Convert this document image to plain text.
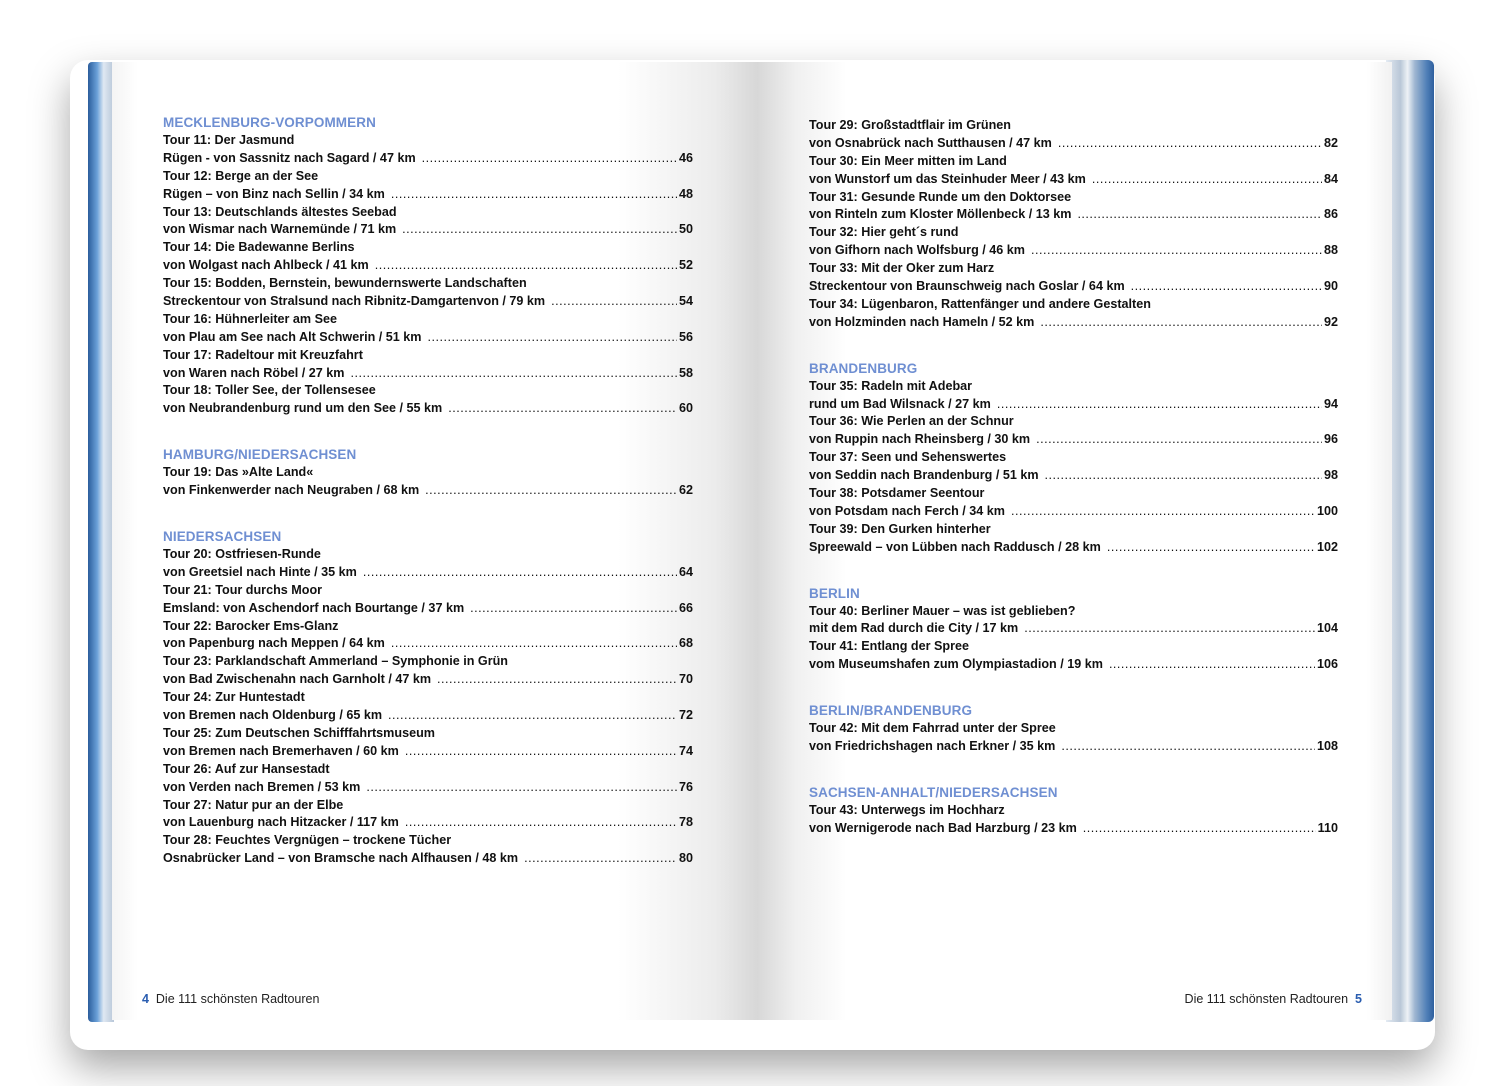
MECKLENBURG-VORPOMMERN
Tour 11: Der Jasmund
Rügen - von Sassnitz nach Sagard / 47 km .....	46
Tour 12: Berge an der See
Rügen – von Binz nach Sellin / 34 km .....	48
Tour 13: Deutschlands ältestes Seebad
von Wismar nach Warnemünde / 71 km .....	50
Tour 14: Die Badewanne Berlins
von Wolgast nach Ahlbeck / 41 km .....	52
Tour 15: Bodden, Bernstein, bewundernswerte Landschaften
Streckentour von Stralsund nach Ribnitz-Damgartenvon / 79 km .....	54
Tour 16: Hühnerleiter am See
von Plau am See nach Alt Schwerin / 51 km .....	56
Tour 17: Radeltour mit Kreuzfahrt
von Waren nach Röbel / 27 km .....	58
Tour 18: Toller See, der Tollensesee
von Neubrandenburg rund um den See / 55 km .....	60
HAMBURG/NIEDERSACHSEN
Tour 19: Das »Alte Land«
von Finkenwerder nach Neugraben / 68 km .....	62
NIEDERSACHSEN
Tour 20: Ostfriesen-Runde
von Greetsiel nach Hinte / 35 km .....	64
Tour 21: Tour durchs Moor
Emsland: von Aschendorf nach Bourtange / 37 km .....	66
Tour 22: Barocker Ems-Glanz
von Papenburg nach Meppen / 64 km .....	68
Tour 23: Parklandschaft Ammerland – Symphonie in Grün
von Bad Zwischenahn nach Garnholt / 47 km .....	70
Tour 24: Zur Huntestadt
von Bremen nach Oldenburg / 65 km .....	72
Tour 25: Zum Deutschen Schifffahrtsmuseum
von Bremen nach Bremerhaven / 60 km .....	74
Tour 26: Auf zur Hansestadt
von Verden nach Bremen / 53 km .....	76
Tour 27: Natur pur an der Elbe
von Lauenburg nach Hitzacker / 117 km .....	78
Tour 28: Feuchtes Vergnügen – trockene Tücher
Osnabrücker Land – von Bramsche nach Alfhausen / 48 km .....	80
4 Die 111 schönsten Radtouren
Tour 29: Großstadtflair im Grünen
von Osnabrück nach Sutthausen / 47 km .....	82
Tour 30: Ein Meer mitten im Land
von Wunstorf um das Steinhuder Meer / 43 km .....	84
Tour 31: Gesunde Runde um den Doktorsee
von Rinteln zum Kloster Möllenbeck / 13 km .....	86
Tour 32: Hier geht´s rund
von Gifhorn nach Wolfsburg / 46 km .....	88
Tour 33: Mit der Oker zum Harz
Streckentour von Braunschweig nach Goslar / 64 km .....	90
Tour 34: Lügenbaron, Rattenfänger und andere Gestalten
von Holzminden nach Hameln / 52 km .....	92
BRANDENBURG
Tour 35: Radeln mit Adebar
rund um Bad Wilsnack / 27 km .....	94
Tour 36: Wie Perlen an der Schnur
von Ruppin nach Rheinsberg / 30 km .....	96
Tour 37: Seen und Sehenswertes
von Seddin nach Brandenburg / 51 km .....	98
Tour 38: Potsdamer Seentour
von Potsdam nach Ferch / 34 km .....	100
Tour 39: Den Gurken hinterher
Spreewald – von Lübben nach Raddusch / 28 km .....	102
BERLIN
Tour 40: Berliner Mauer – was ist geblieben?
mit dem Rad durch die City / 17 km .....	104
Tour 41: Entlang der Spree
vom Museumshafen zum Olympiastadion / 19 km .....	106
BERLIN/BRANDENBURG
Tour 42: Mit dem Fahrrad unter der Spree
von Friedrichshagen nach Erkner / 35 km .....	108
SACHSEN-ANHALT/NIEDERSACHSEN
Tour 43: Unterwegs im Hochharz
von Wernigerode nach Bad Harzburg / 23 km .....	110
Die 111 schönsten Radtouren 5
